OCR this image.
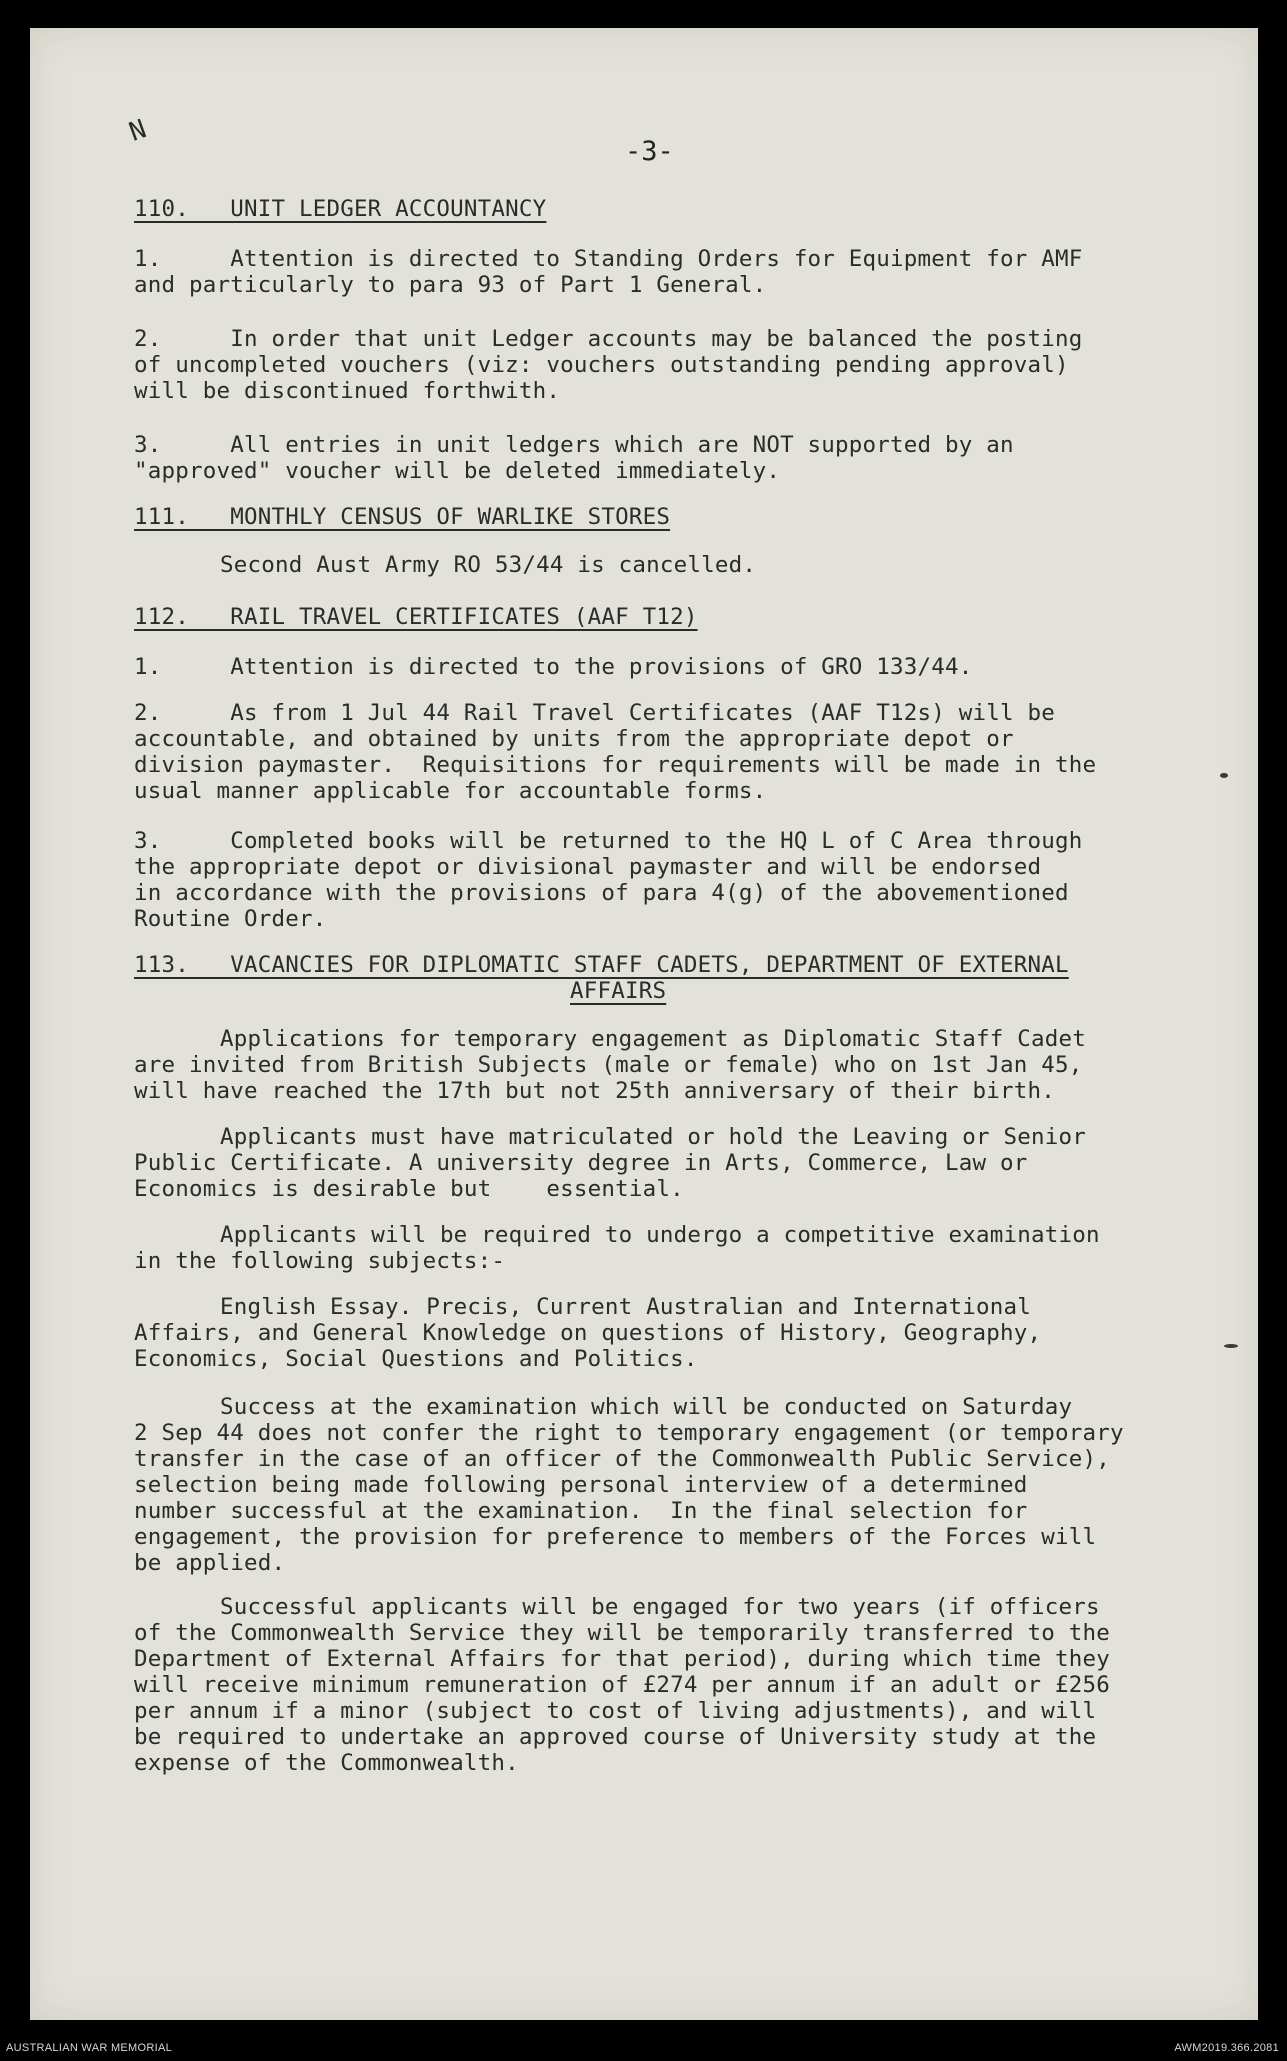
N
-3-
110.   UNIT LEDGER ACCOUNTANCY
1.     Attention is directed to Standing Orders for Equipment for AMF
and particularly to para 93 of Part 1 General.
2.     In order that unit Ledger accounts may be balanced the posting
of uncompleted vouchers (viz: vouchers outstanding pending approval)
will be discontinued forthwith.
3.     All entries in unit ledgers which are NOT supported by an
"approved" voucher will be deleted immediately.
111.   MONTHLY CENSUS OF WARLIKE STORES
Second Aust Army RO 53/44 is cancelled.
112.   RAIL TRAVEL CERTIFICATES (AAF T12)
1.     Attention is directed to the provisions of GRO 133/44.
2.     As from 1 Jul 44 Rail Travel Certificates (AAF T12s) will be
accountable, and obtained by units from the appropriate depot or
division paymaster.  Requisitions for requirements will be made in the
usual manner applicable for accountable forms.
3.     Completed books will be returned to the HQ L of C Area through
the appropriate depot or divisional paymaster and will be endorsed
in accordance with the provisions of para 4(g) of the abovementioned
Routine Order.
113.   VACANCIES FOR DIPLOMATIC STAFF CADETS, DEPARTMENT OF EXTERNAL
AFFAIRS
Applications for temporary engagement as Diplomatic Staff Cadet
are invited from British Subjects (male or female) who on 1st Jan 45,
will have reached the 17th but not 25th anniversary of their birth.
Applicants must have matriculated or hold the Leaving or Senior
Public Certificate. A university degree in Arts, Commerce, Law or
Economics is desirable but    essential.
Applicants will be required to undergo a competitive examination
in the following subjects:-
English Essay. Precis, Current Australian and International
Affairs, and General Knowledge on questions of History, Geography,
Economics, Social Questions and Politics.
Success at the examination which will be conducted on Saturday
2 Sep 44 does not confer the right to temporary engagement (or temporary
transfer in the case of an officer of the Commonwealth Public Service),
selection being made following personal interview of a determined
number successful at the examination.  In the final selection for
engagement, the provision for preference to members of the Forces will
be applied.
Successful applicants will be engaged for two years (if officers
of the Commonwealth Service they will be temporarily transferred to the
Department of External Affairs for that period), during which time they
will receive minimum remuneration of £274 per annum if an adult or £256
per annum if a minor (subject to cost of living adjustments), and will
be required to undertake an approved course of University study at the
expense of the Commonwealth.
AUSTRALIAN WAR MEMORIAL	AWM2019.366.2081
